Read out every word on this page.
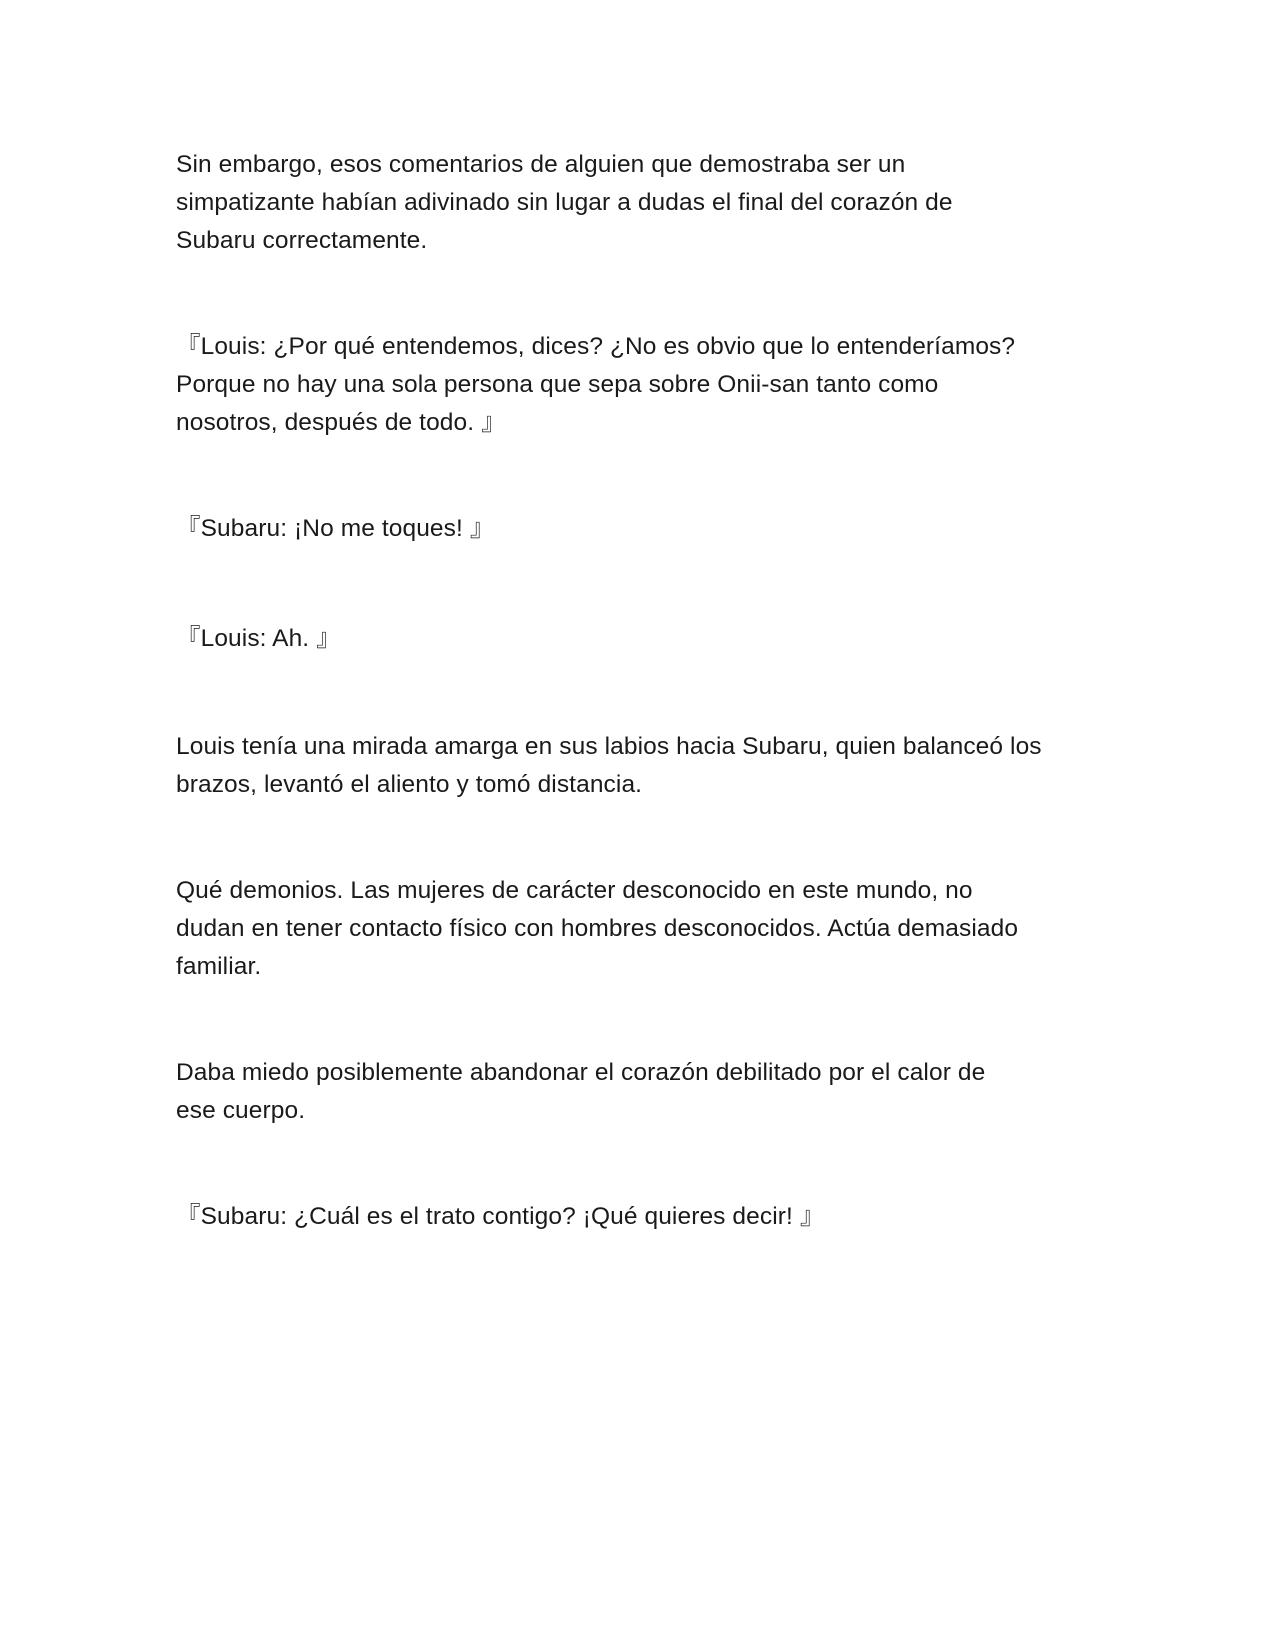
Sin embargo, esos comentarios de alguien que demostraba ser un
simpatizante habían adivinado sin lugar a dudas el final del corazón de
Subaru correctamente.

『Louis: ¿Por qué entendemos, dices? ¿No es obvio que lo entenderíamos?
Porque no hay una sola persona que sepa sobre Onii-san tanto como
nosotros, después de todo. 』

『Subaru: ¡No me toques! 』

『Louis: Ah. 』

Louis tenía una mirada amarga en sus labios hacia Subaru, quien balanceó los
brazos, levantó el aliento y tomó distancia.

Qué demonios. Las mujeres de carácter desconocido en este mundo, no
dudan en tener contacto físico con hombres desconocidos. Actúa demasiado
familiar.

Daba miedo posiblemente abandonar el corazón debilitado por el calor de
ese cuerpo.

『Subaru: ¿Cuál es el trato contigo? ¡Qué quieres decir! 』
